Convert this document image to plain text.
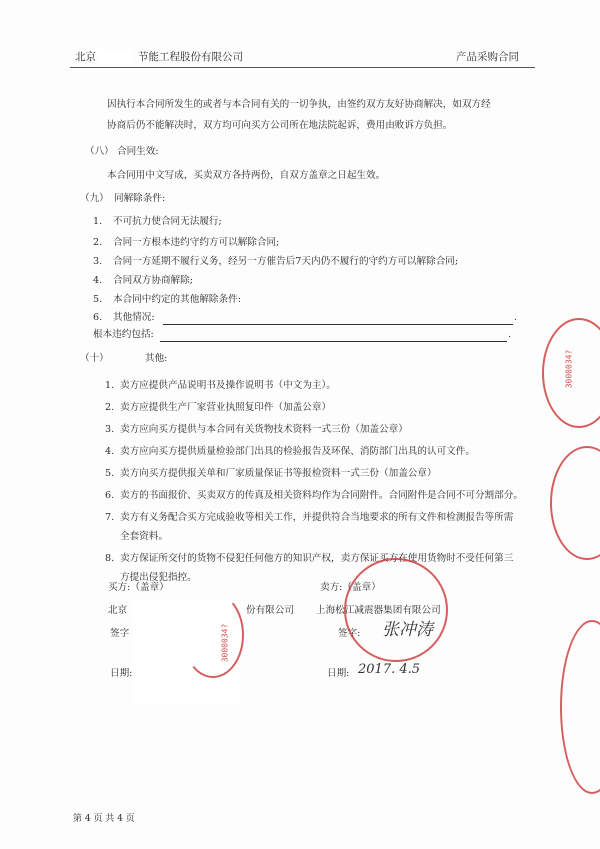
北京	节能工程股份有限公司	产品采购合同
因执行本合同所发生的或者与本合同有关的一切争执，由签约双方友好协商解决，如双方经
协商后仍不能解决时，双方均可向买方公司所在地法院起诉，费用由败诉方负担。
（八） 合同生效:
本合同用中文写成，买卖双方各持两份，自双方盖章之日起生效。
（九） 同解除条件:
1. 不可抗力使合同无法履行;
2. 合同一方根本违约守约方可以解除合同;
3. 合同一方延期不履行义务，经另一方催告后7天内仍不履行的守约方可以解除合同;
4. 合同双方协商解除;
5. 本合同中约定的其他解除条件:
6. 其他情况:	.
根本违约包括:	.
（十）	其他:
1. 卖方应提供产品说明书及操作说明书（中文为主）。
2. 卖方应提供生产厂家营业执照复印件（加盖公章）
3. 卖方应向买方提供与本合同有关货物技术资料一式三份（加盖公章）
4. 卖方应向买方提供质量检验部门出具的检验报告及环保、消防部门出具的认可文件。
5. 卖方向买方提供报关单和厂家质量保证书等报检资料一式三份（加盖公章）
6. 卖方的书面报价、买卖双方的传真及相关资料均作为合同附件。合同附件是合同不可分割部分。
7. 卖方有义务配合买方完成验收等相关工作，并提供符合当地要求的所有文件和检测报告等所需
全套资料。
8. 卖方保证所交付的货物不侵犯任何他方的知识产权，卖方保证买方在使用货物时不受任何第三
方提出侵犯指控。
买方:（盖章）
北京	份有限公司
签字
日期:
卖方:（盖章）
上海松江减震器集团有限公司
签字: 张冲涛
日期: 2017. 4.5
3000034?
3000034?
第 4 页 共 4 页
